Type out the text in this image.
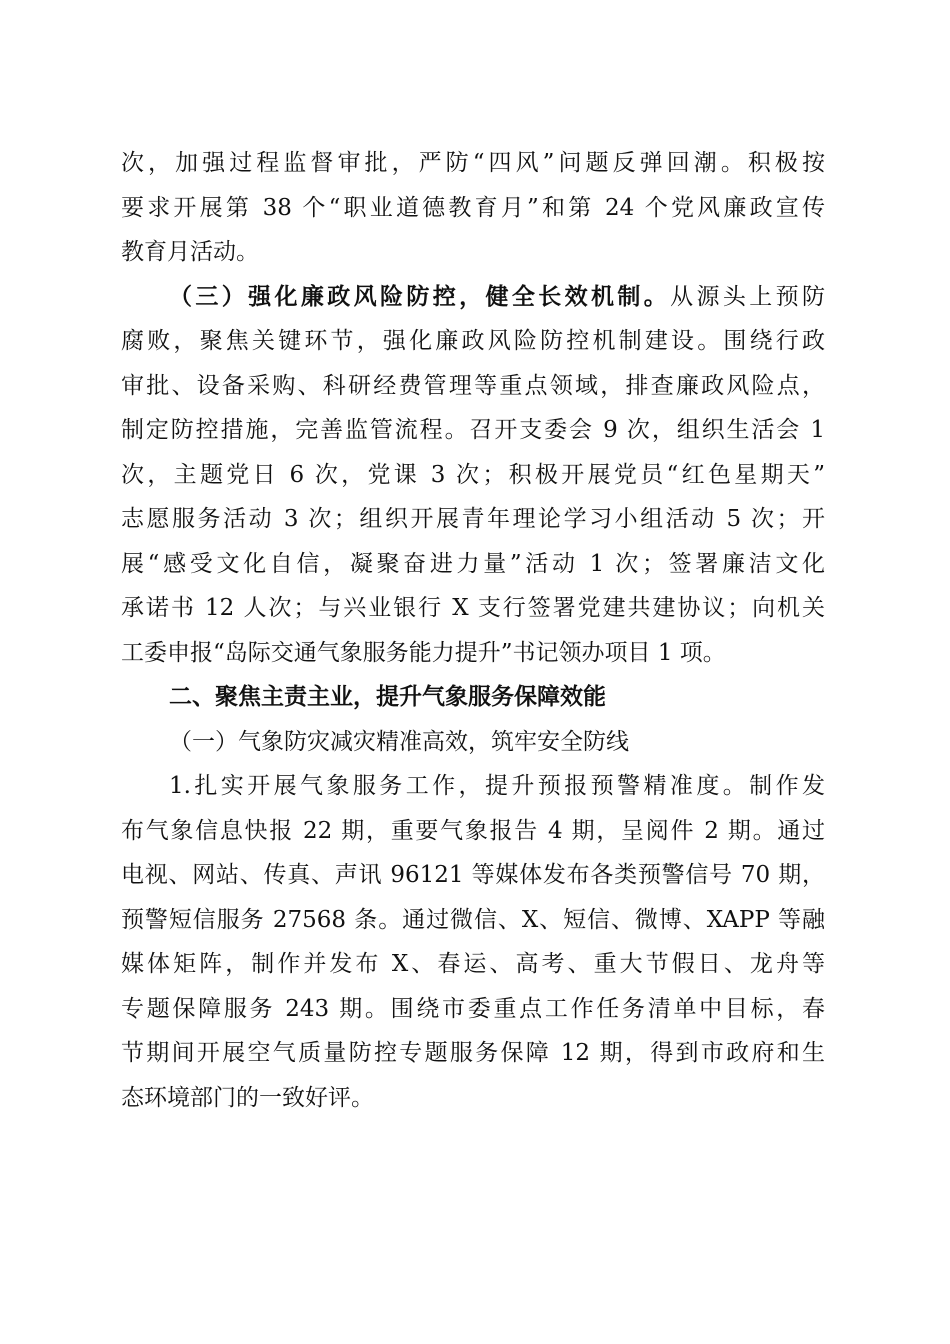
次，加强过程监督审批，严防“四风”问题反弹回潮。积极按
要求开展第 38 个“职业道德教育月”和第 24 个党风廉政宣传
教育月活动。
（三）强化廉政风险防控，健全长效机制。从源头上预防
腐败，聚焦关键环节，强化廉政风险防控机制建设。围绕行政
审批、设备采购、科研经费管理等重点领域，排查廉政风险点，
制定防控措施，完善监管流程。召开支委会 9 次，组织生活会 1
次，主题党日 6 次，党课 3 次；积极开展党员“红色星期天”
志愿服务活动 3 次；组织开展青年理论学习小组活动 5 次；开
展“感受文化自信，凝聚奋进力量”活动 1 次；签署廉洁文化
承诺书 12 人次；与兴业银行 X 支行签署党建共建协议；向机关
工委申报“岛际交通气象服务能力提升”书记领办项目 1 项。
二、聚焦主责主业，提升气象服务保障效能
（一）气象防灾减灾精准高效，筑牢安全防线
1.扎实开展气象服务工作，提升预报预警精准度。制作发
布气象信息快报 22 期，重要气象报告 4 期，呈阅件 2 期。通过
电视、网站、传真、声讯 96121 等媒体发布各类预警信号 70 期，
预警短信服务 27568 条。通过微信、X、短信、微博、XAPP 等融
媒体矩阵，制作并发布 X、春运、高考、重大节假日、龙舟等
专题保障服务 243 期。围绕市委重点工作任务清单中目标，春
节期间开展空气质量防控专题服务保障 12 期，得到市政府和生
态环境部门的一致好评。
